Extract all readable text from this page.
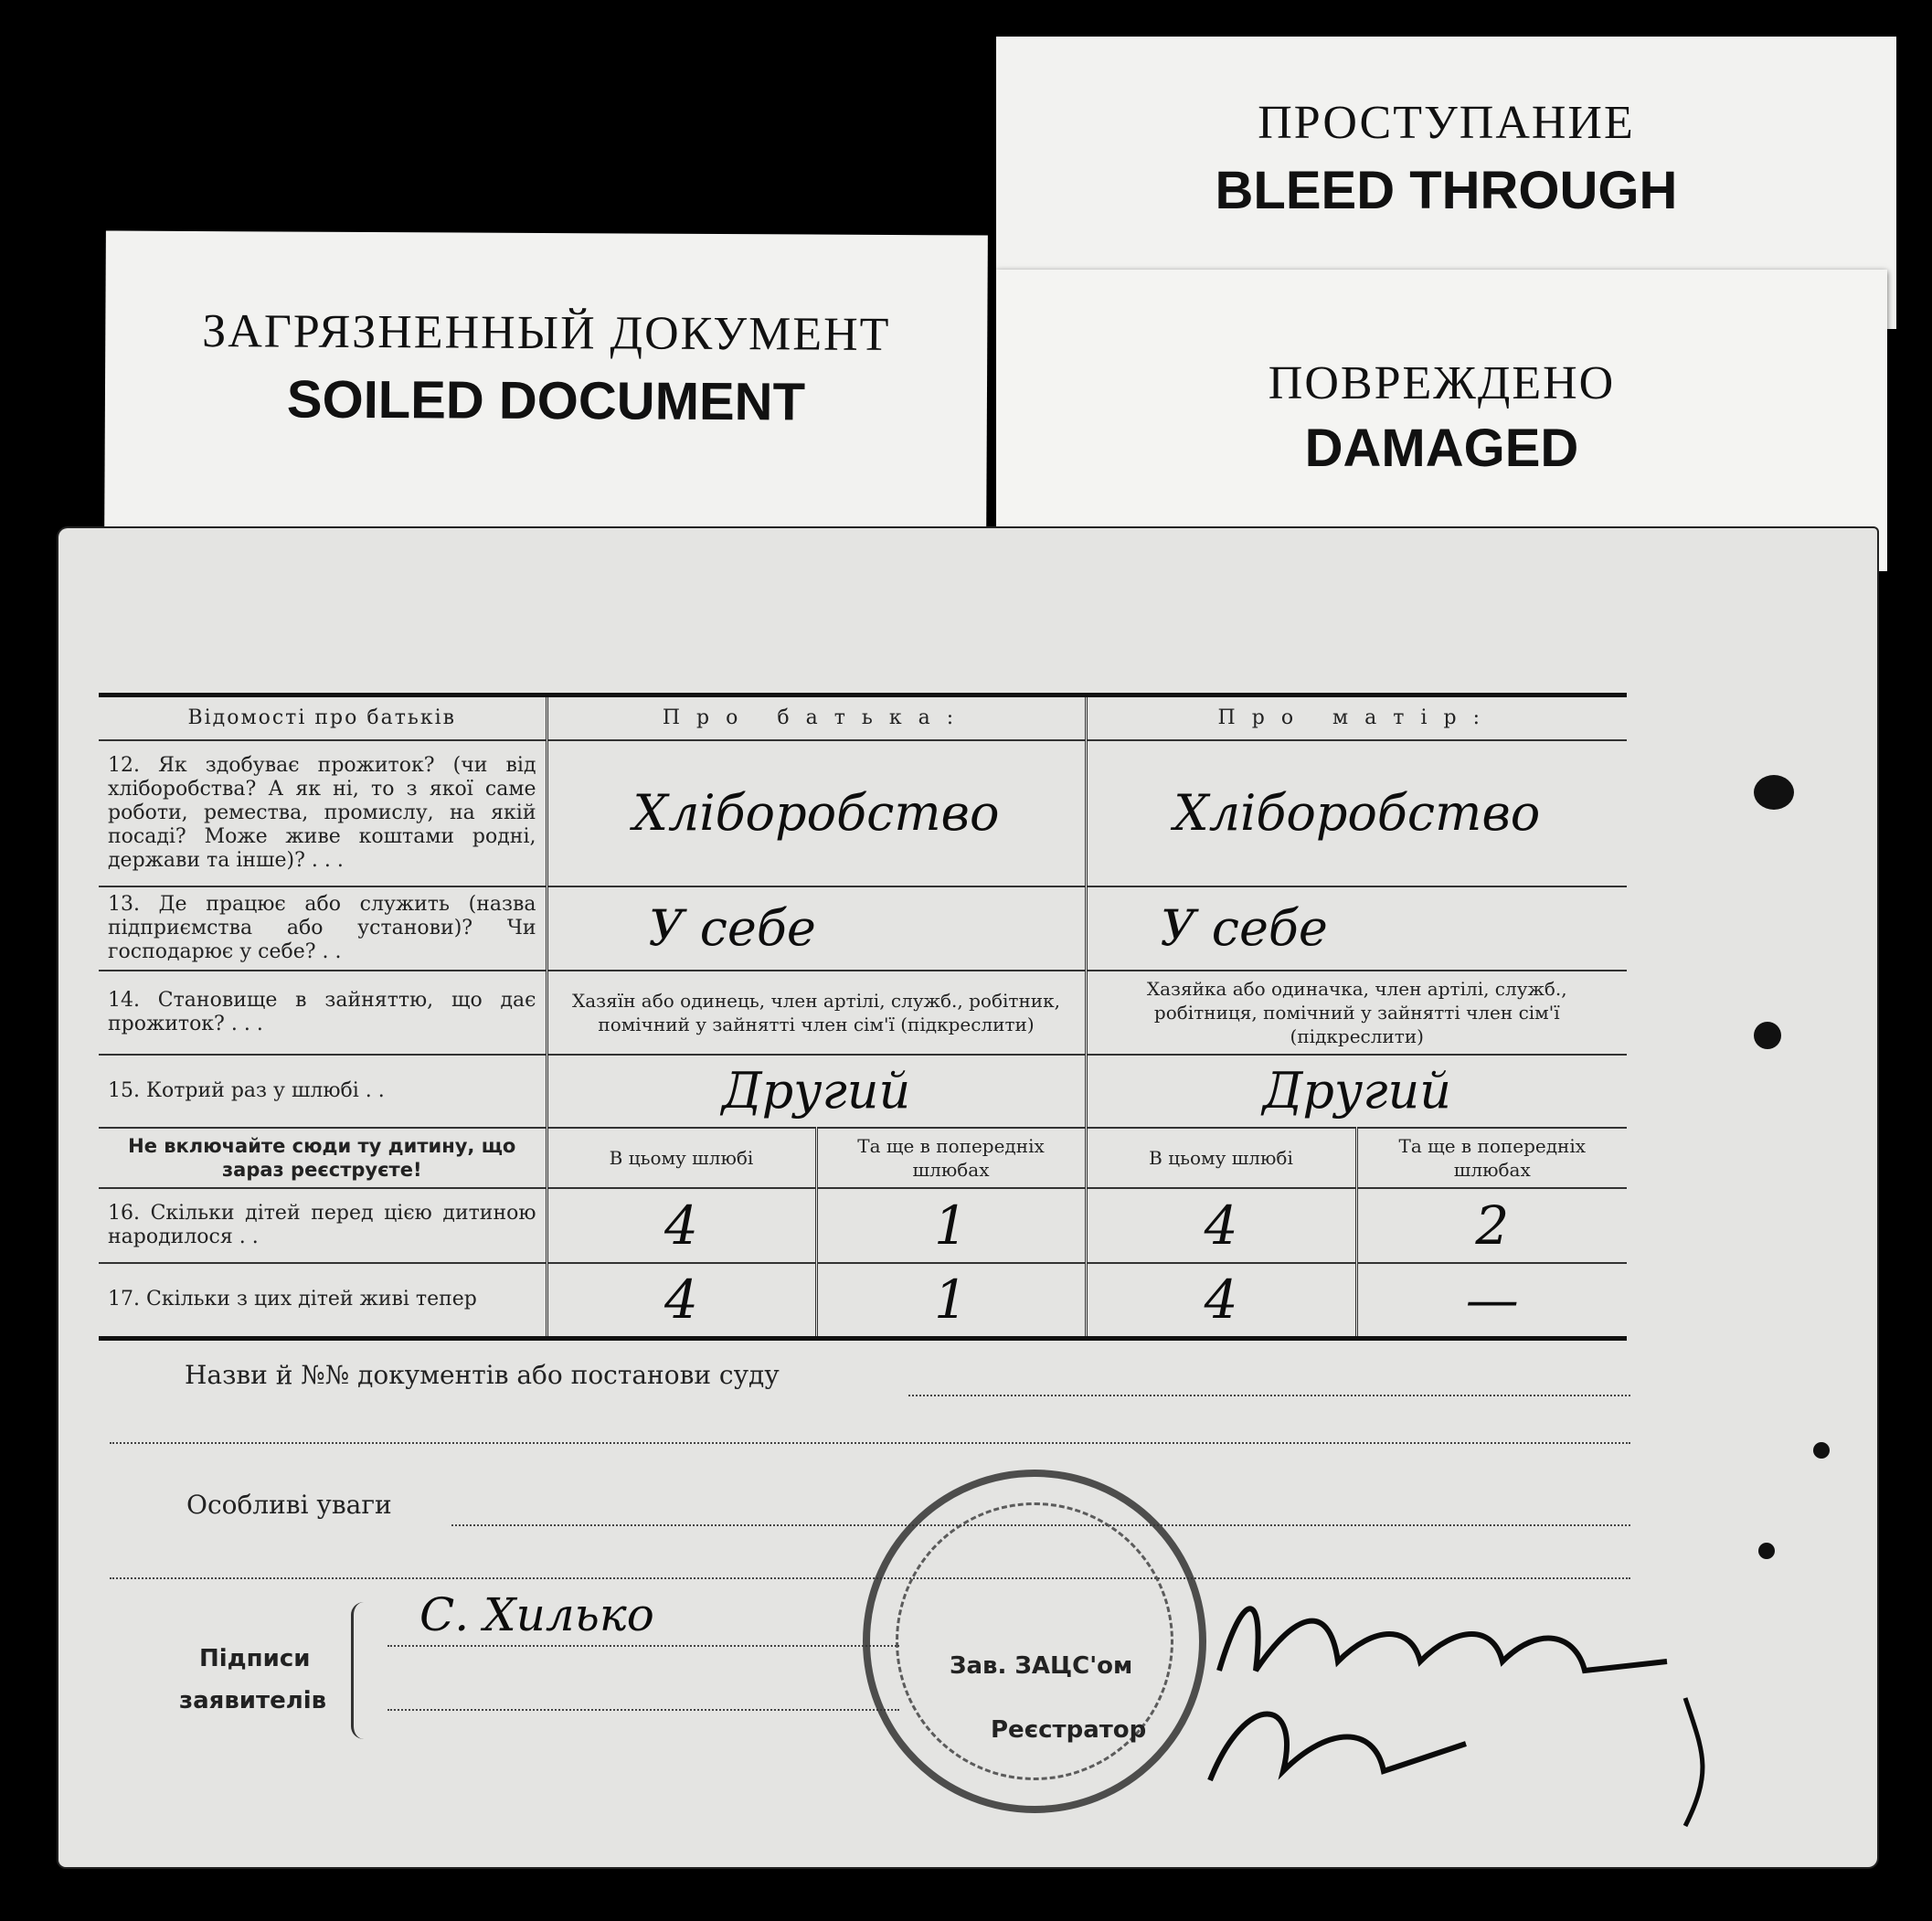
ПРОСТУПАНИЕ
BLEED THROUGH
ПОВРЕЖДЕНО
DAMAGED
ЗАГРЯЗНЕННЫЙ ДОКУМЕНТ
SOILED DOCUMENT
Відомості про батьків	Про батька:		Про матір:	
12. Як здобуває прожиток? (чи від хліборобства? А як ні, то з якої саме роботи, ремества, промислу, на якій посаді? Може живе коштами родні, держави та інше)? . . .	Хліборобство		Хліборобство	
13. Де працює або служить (назва підприємства або установи)? Чи господарює у себе? . .	У себе		У себе	
14. Становище в зайняттю, що дає прожиток? . . .	Хазяїн або одинець, член артілі, служб., робітник, помічний у зайнятті член сім'ї (підкреслити)		Хазяйка або одиначка, член артілі, служб., робітниця, помічний у зайнятті член сім'ї (підкреслити)	
15. Котрий раз у шлюбі . .	Другий		Другий	
Не включайте сюди ту дитину, що зараз реєструєте!	В цьому шлюбі	Та ще в попередніх шлюбах	В цьому шлюбі	Та ще в попередніх шлюбах
16. Скільки дітей перед цією дитиною народилося . .	4	1	4	2
17. Скільки з цих дітей живі тепер	4	1	4	—
Назви й №№ документів або постанови суду
Особливі уваги
Підписи
заявителів
С. Хилько
Зав. ЗАЦС'ом
Реєстратор
